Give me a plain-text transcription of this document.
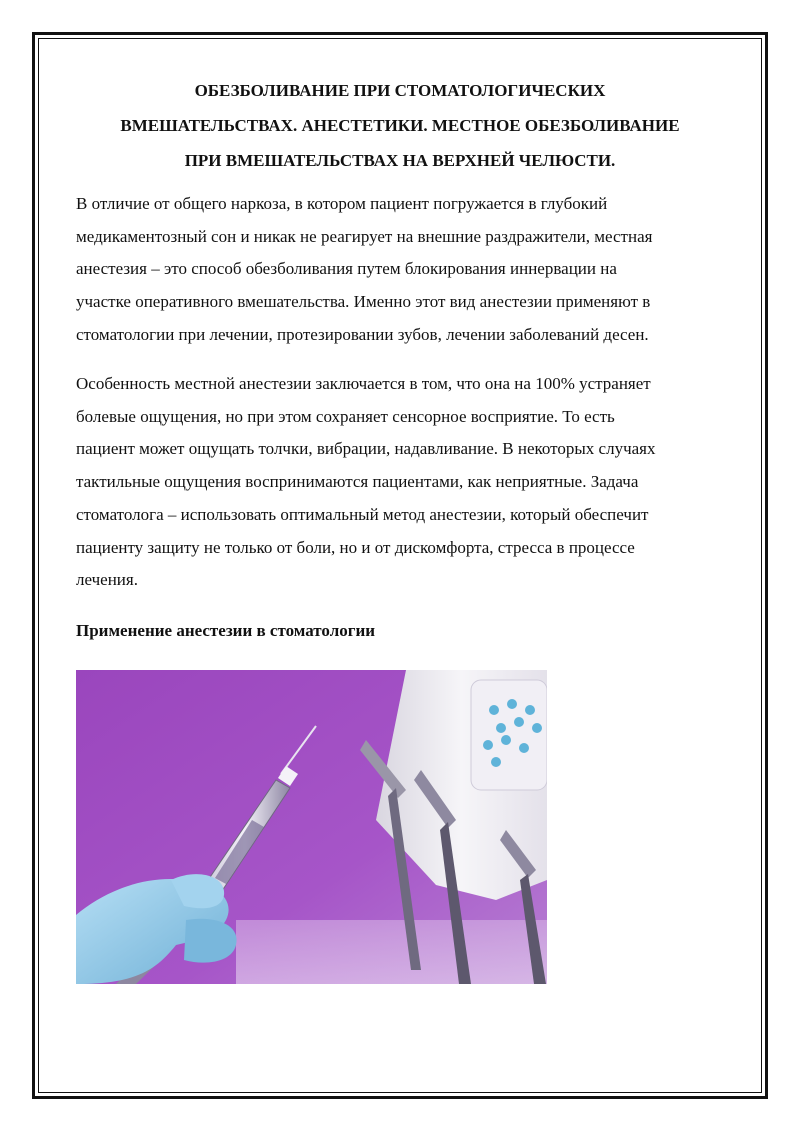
ОБЕЗБОЛИВАНИЕ ПРИ СТОМАТОЛОГИЧЕСКИХ
ВМЕШАТЕЛЬСТВАХ. АНЕСТЕТИКИ. МЕСТНОЕ ОБЕЗБОЛИВАНИЕ
ПРИ ВМЕШАТЕЛЬСТВАХ НА ВЕРХНЕЙ ЧЕЛЮСТИ.

В отличие от общего наркоза, в котором пациент погружается в глубокий
медикаментозный сон и никак не реагирует на внешние раздражители, местная
анестезия – это способ обезболивания путем блокирования иннервации на
участке оперативного вмешательства. Именно этот вид анестезии применяют в
стоматологии при лечении, протезировании зубов, лечении заболеваний десен.

Особенность местной анестезии заключается в том, что она на 100% устраняет
болевые ощущения, но при этом сохраняет сенсорное восприятие. То есть
пациент может ощущать толчки, вибрации, надавливание. В некоторых случаях
тактильные ощущения воспринимаются пациентами, как неприятные. Задача
стоматолога – использовать оптимальный метод анестезии, который обеспечит
пациенту защиту не только от боли, но и от дискомфорта, стресса в процессе
лечения.

Применение анестезии в стоматологии
